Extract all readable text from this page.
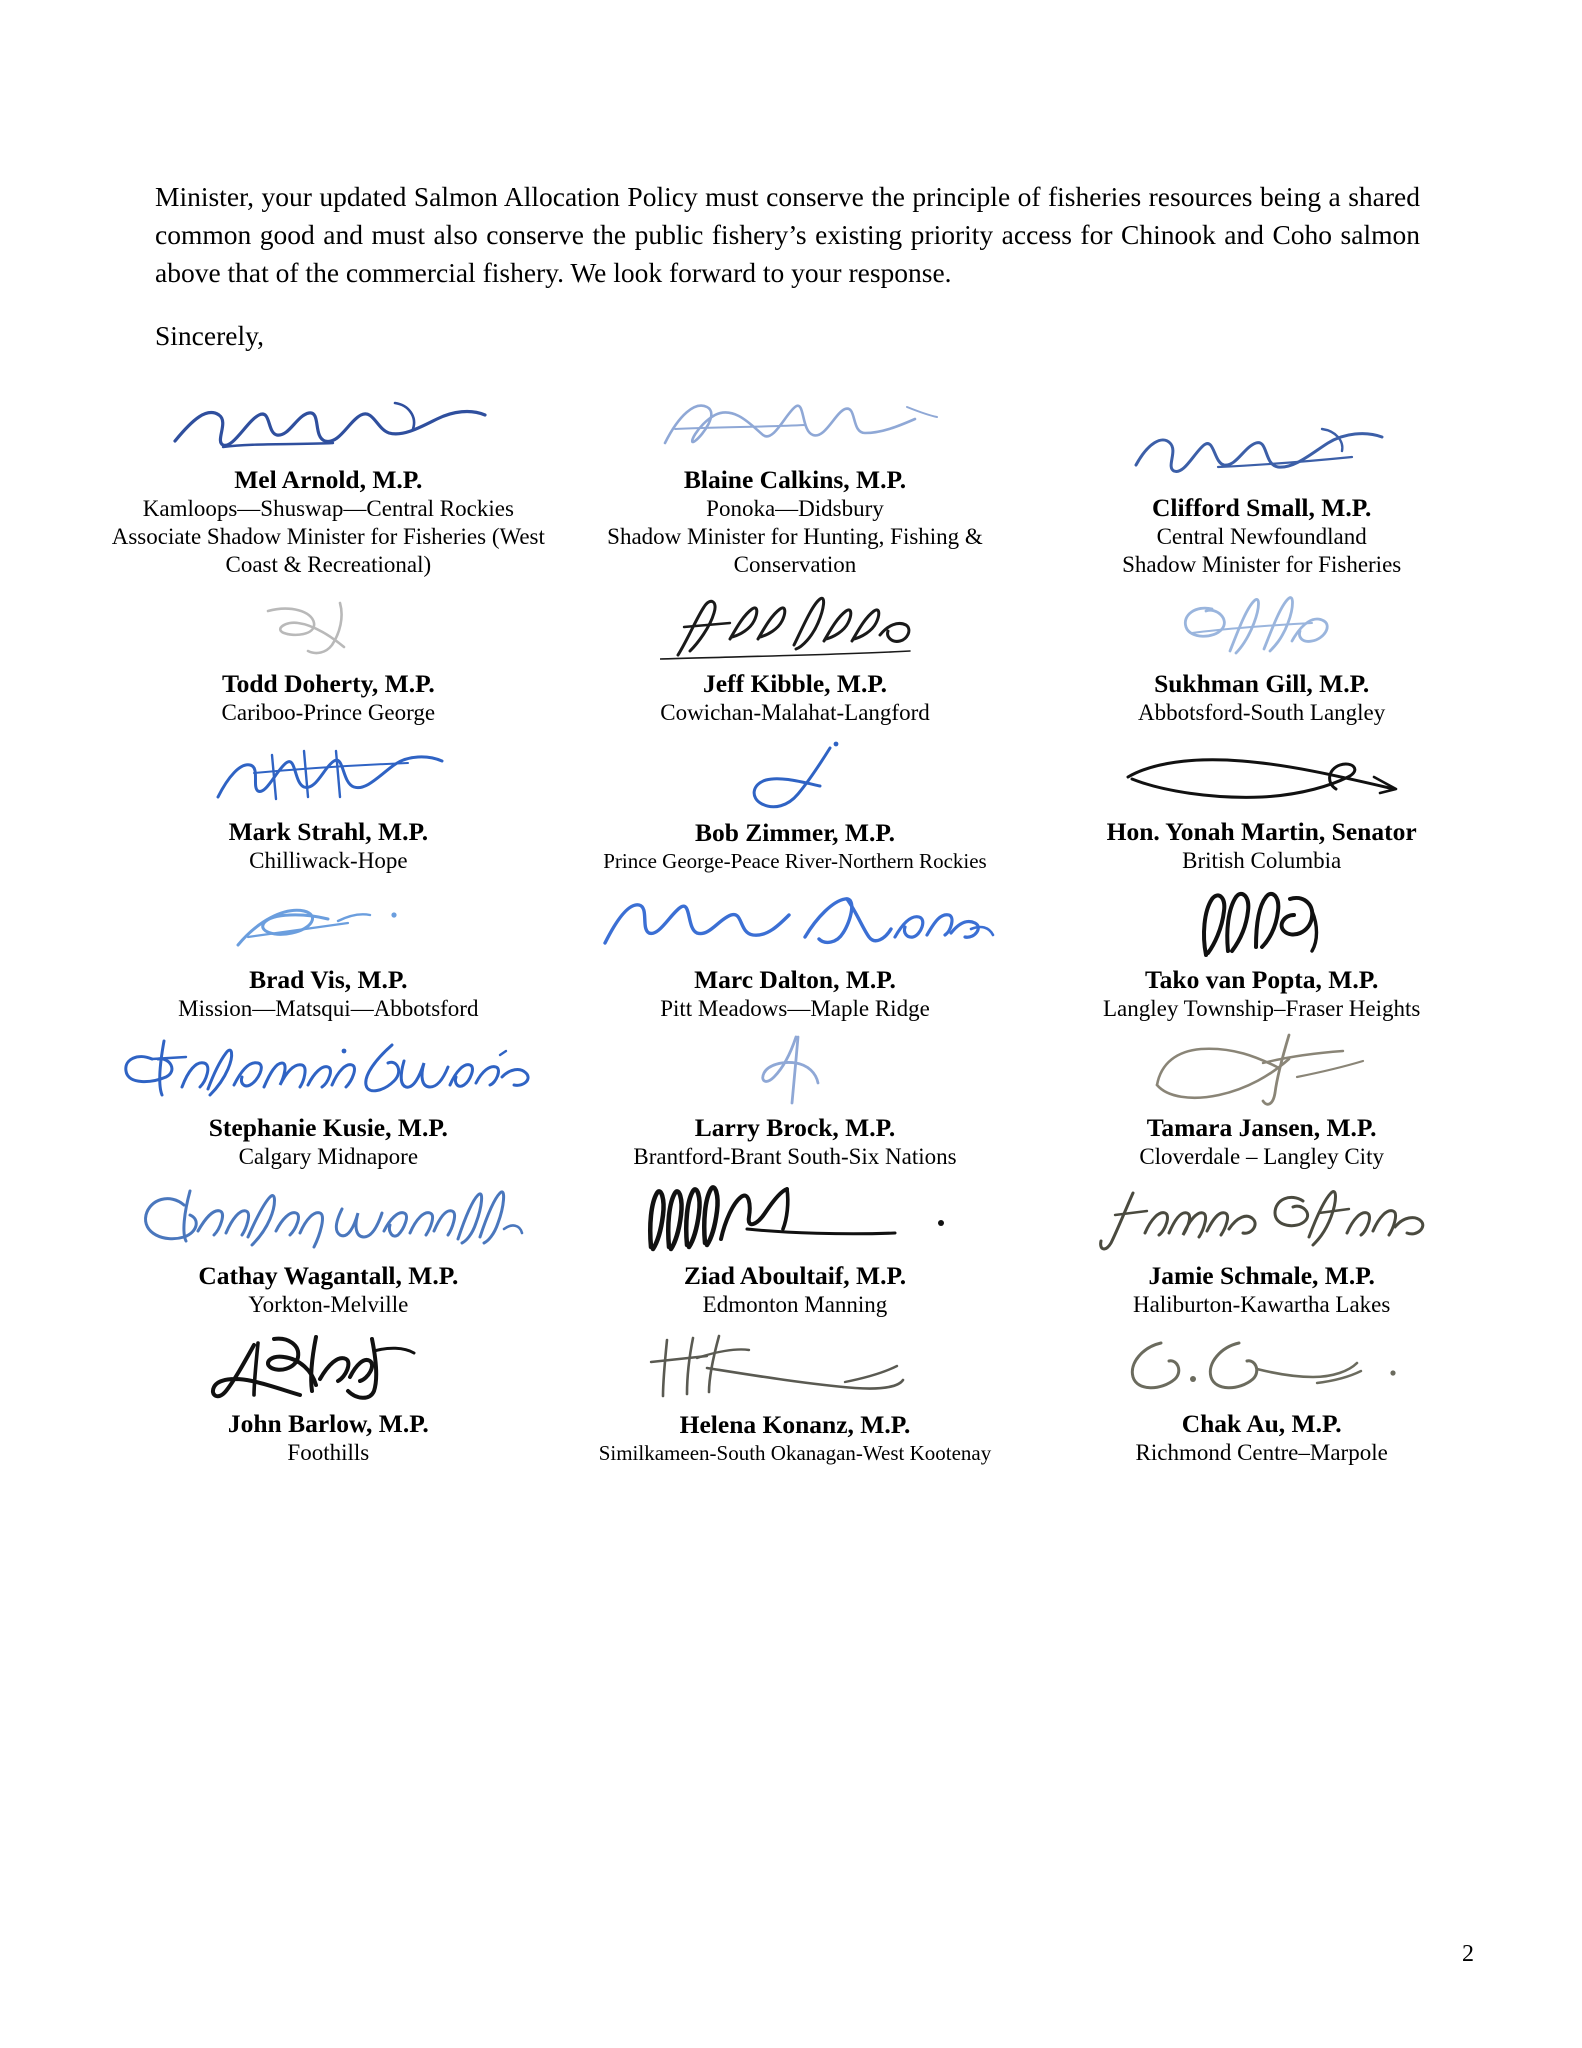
Minister, your updated Salmon Allocation Policy must conserve the principle of fisheries resources being a shared common good and must also conserve the public fishery’s existing priority access for Chinook and Coho salmon above that of the commercial fishery. We look forward to your response.
Sincerely,
Mel Arnold, M.P.
Kamloops—Shuswap—Central Rockies
Associate Shadow Minister for Fisheries (West Coast & Recreational)
Blaine Calkins, M.P.
Ponoka—Didsbury
Shadow Minister for Hunting, Fishing & Conservation
Clifford Small, M.P.
Central Newfoundland
Shadow Minister for Fisheries
Todd Doherty, M.P.
Cariboo-Prince George
Jeff Kibble, M.P.
Cowichan-Malahat-Langford
Sukhman Gill, M.P.
Abbotsford-South Langley
Mark Strahl, M.P.
Chilliwack-Hope
Bob Zimmer, M.P.
Prince George-Peace River-Northern Rockies
Hon. Yonah Martin, Senator
British Columbia
Brad Vis, M.P.
Mission—Matsqui—Abbotsford
Marc Dalton, M.P.
Pitt Meadows—Maple Ridge
Tako van Popta, M.P.
Langley Township–Fraser Heights
Stephanie Kusie, M.P.
Calgary Midnapore
Larry Brock, M.P.
Brantford-Brant South-Six Nations
Tamara Jansen, M.P.
Cloverdale – Langley City
Cathay Wagantall, M.P.
Yorkton-Melville
Ziad Aboultaif, M.P.
Edmonton Manning
Jamie Schmale, M.P.
Haliburton-Kawartha Lakes
John Barlow, M.P.
Foothills
Helena Konanz, M.P.
Similkameen-South Okanagan-West Kootenay
Chak Au, M.P.
Richmond Centre–Marpole
2
